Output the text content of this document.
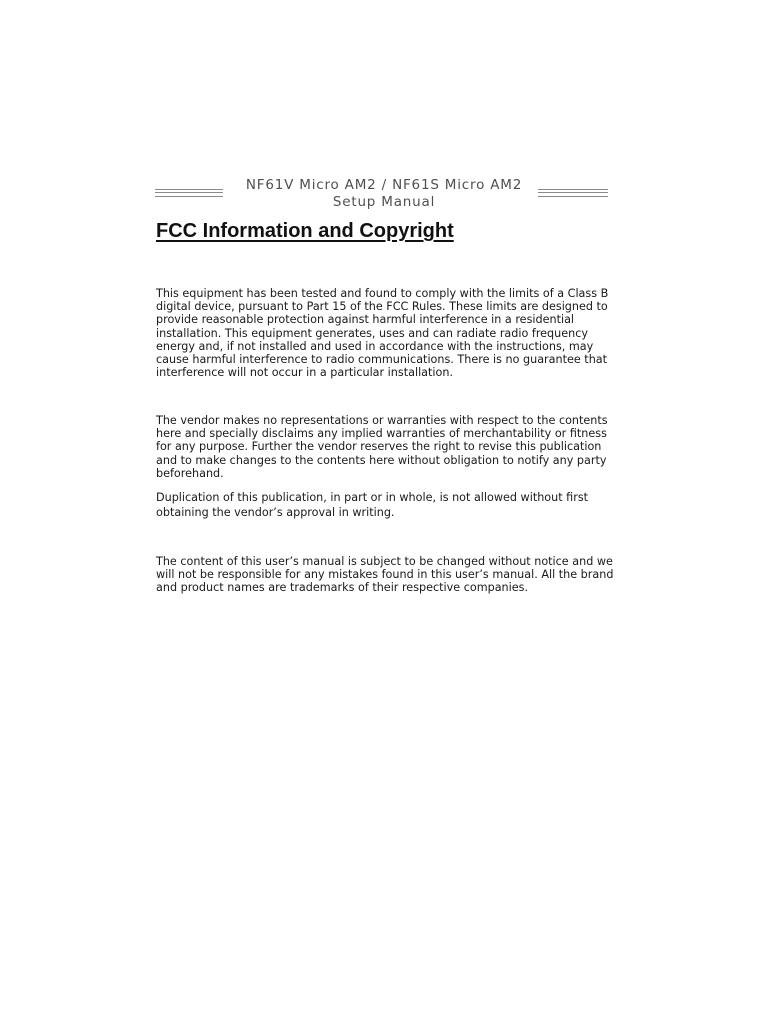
NF61V Micro AM2 / NF61S Micro AM2
Setup Manual
FCC Information and Copyright

This equipment has been tested and found to comply with the limits of a Class B digital device, pursuant to Part 15 of the FCC Rules. These limits are designed to provide reasonable protection against harmful interference in a residential installation. This equipment generates, uses and can radiate radio frequency energy and, if not installed and used in accordance with the instructions, may cause harmful interference to radio communications. There is no guarantee that interference will not occur in a particular installation.

The vendor makes no representations or warranties with respect to the contents here and specially disclaims any implied warranties of merchantability or fitness for any purpose. Further the vendor reserves the right to revise this publication and to make changes to the contents here without obligation to notify any party beforehand.

Duplication of this publication, in part or in whole, is not allowed without first obtaining the vendor’s approval in writing.

The content of this user’s manual is subject to be changed without notice and we will not be responsible for any mistakes found in this user’s manual. All the brand and product names are trademarks of their respective companies.
